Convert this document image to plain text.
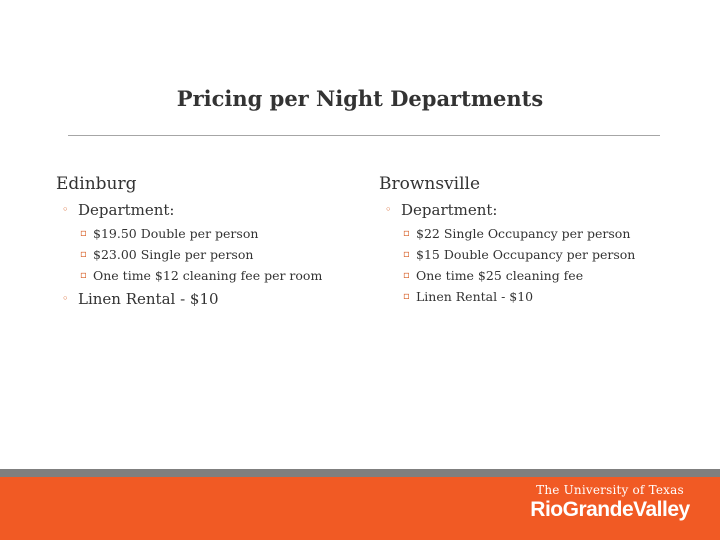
Pricing per Night Departments
Edinburg
◦ Department:
▫ $19.50 Double per person
▫ $23.00 Single per person
▫ One time $12 cleaning fee per room
◦ Linen Rental - $10
Brownsville
◦ Department:
▫ $22 Single Occupancy per person
▫ $15 Double Occupancy per person
▫ One time $25 cleaning fee
▫ Linen Rental - $10
The University of Texas
RioGrandeValley
